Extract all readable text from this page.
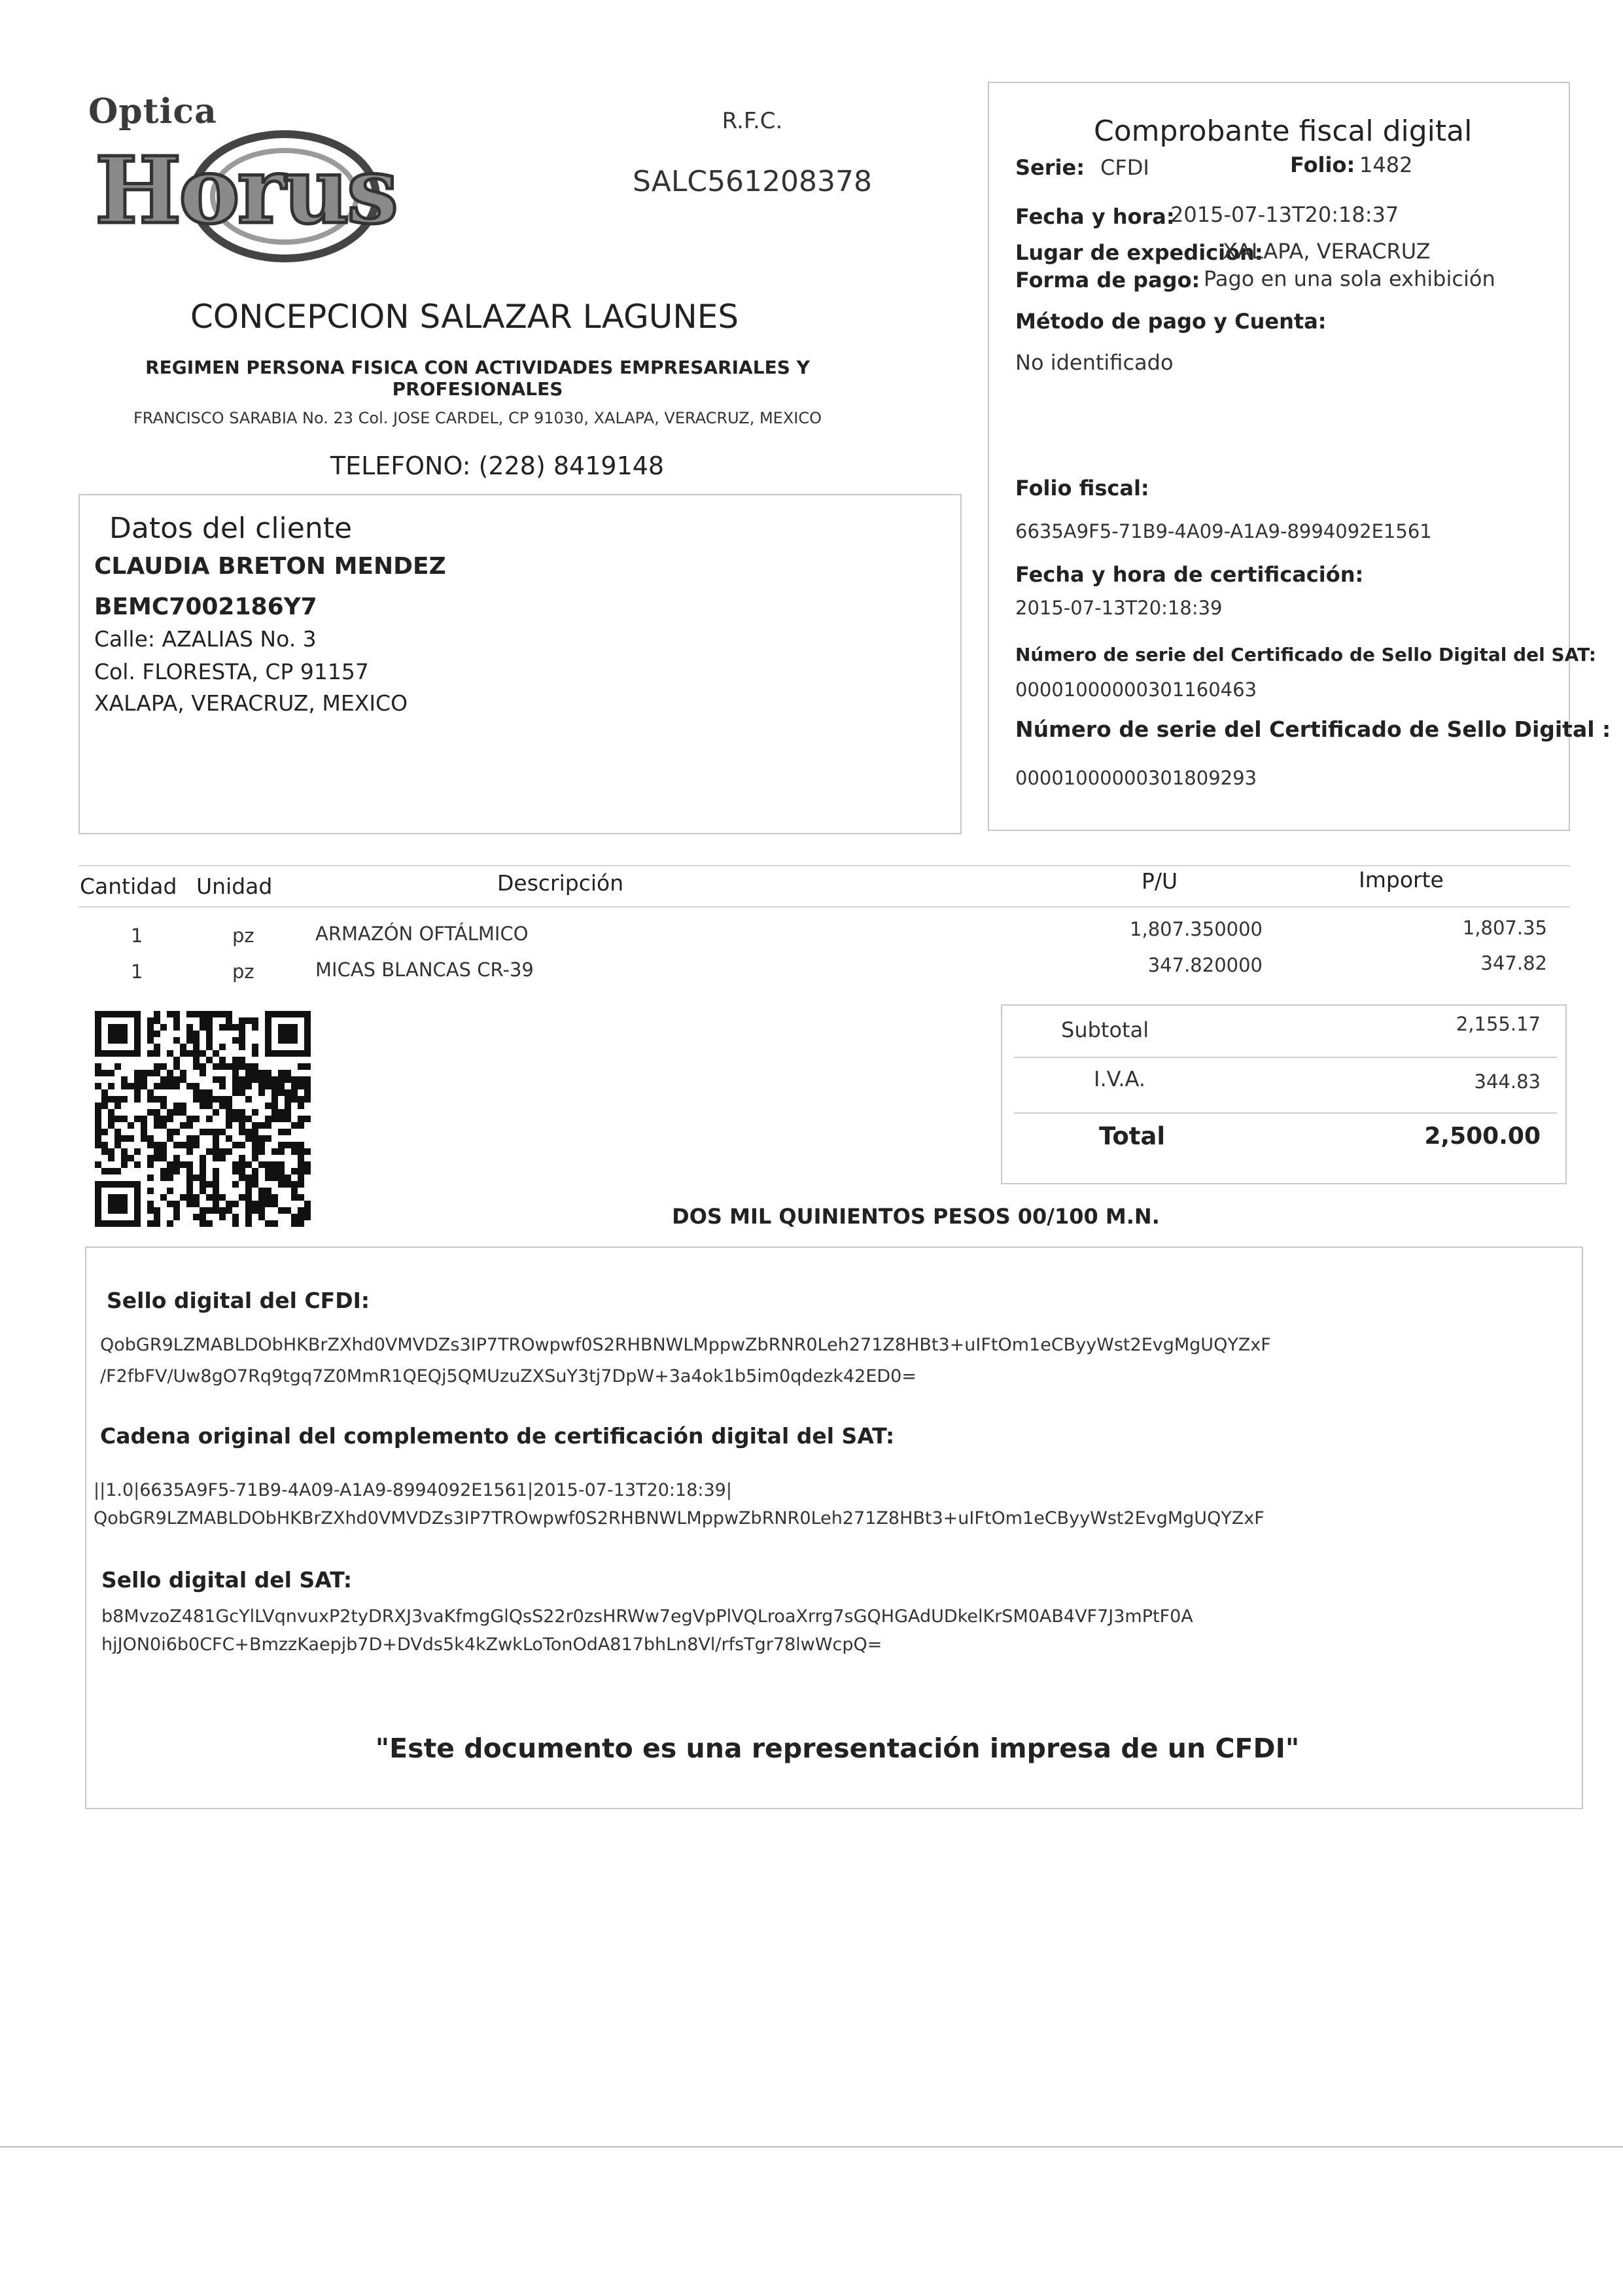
Optica
Horus
R.F.C.
SALC561208378
CONCEPCION SALAZAR LAGUNES
REGIMEN PERSONA FISICA CON ACTIVIDADES EMPRESARIALES Y PROFESIONALES
FRANCISCO SARABIA No. 23 Col. JOSE CARDEL, CP 91030, XALAPA, VERACRUZ, MEXICO
TELEFONO: (228) 8419148
Comprobante fiscal digital
Serie: CFDI	Folio: 1482
Fecha y hora:
2015-07-13T20:18:37
Lugar de expedición:
XALAPA, VERACRUZ
Forma de pago: Pago en una sola exhibición
Método de pago y Cuenta:
No identificado
Folio fiscal:
6635A9F5-71B9-4A09-A1A9-8994092E1561
Fecha y hora de certificación:
2015-07-13T20:18:39
Número de serie del Certificado de Sello Digital del SAT:
00001000000301160463
Número de serie del Certificado de Sello Digital :
00001000000301809293
Datos del cliente
CLAUDIA BRETON MENDEZ
BEMC7002186Y7
Calle: AZALIAS No. 3
Col. FLORESTA, CP 91157
XALAPA, VERACRUZ, MEXICO
Cantidad Unidad	Descripción	P/U	Importe
1	pz	ARMAZÓN OFTÁLMICO	1,807.350000	1,807.35
1	pz	MICAS BLANCAS CR-39	347.820000	347.82
Subtotal	2,155.17
I.V.A.	344.83
Total	2,500.00
DOS MIL QUINIENTOS PESOS 00/100 M.N.
Sello digital del CFDI:
QobGR9LZMABLDObHKBrZXhd0VMVDZs3IP7TROwpwf0S2RHBNWLMppwZbRNR0Leh271Z8HBt3+uIFtOm1eCByyWst2EvgMgUQYZxF
/F2fbFV/Uw8gO7Rq9tgq7Z0MmR1QEQj5QMUzuZXSuY3tj7DpW+3a4ok1b5im0qdezk42ED0=
Cadena original del complemento de certificación digital del SAT:
||1.0|6635A9F5-71B9-4A09-A1A9-8994092E1561|2015-07-13T20:18:39|
QobGR9LZMABLDObHKBrZXhd0VMVDZs3IP7TROwpwf0S2RHBNWLMppwZbRNR0Leh271Z8HBt3+uIFtOm1eCByyWst2EvgMgUQYZxF
Sello digital del SAT:
b8MvzoZ481GcYlLVqnvuxP2tyDRXJ3vaKfmgGlQsS22r0zsHRWw7egVpPlVQLroaXrrg7sGQHGAdUDkelKrSM0AB4VF7J3mPtF0A
hjJON0i6b0CFC+BmzzKaepjb7D+DVds5k4kZwkLoTonOdA817bhLn8Vl/rfsTgr78lwWcpQ=
"Este documento es una representación impresa de un CFDI"
